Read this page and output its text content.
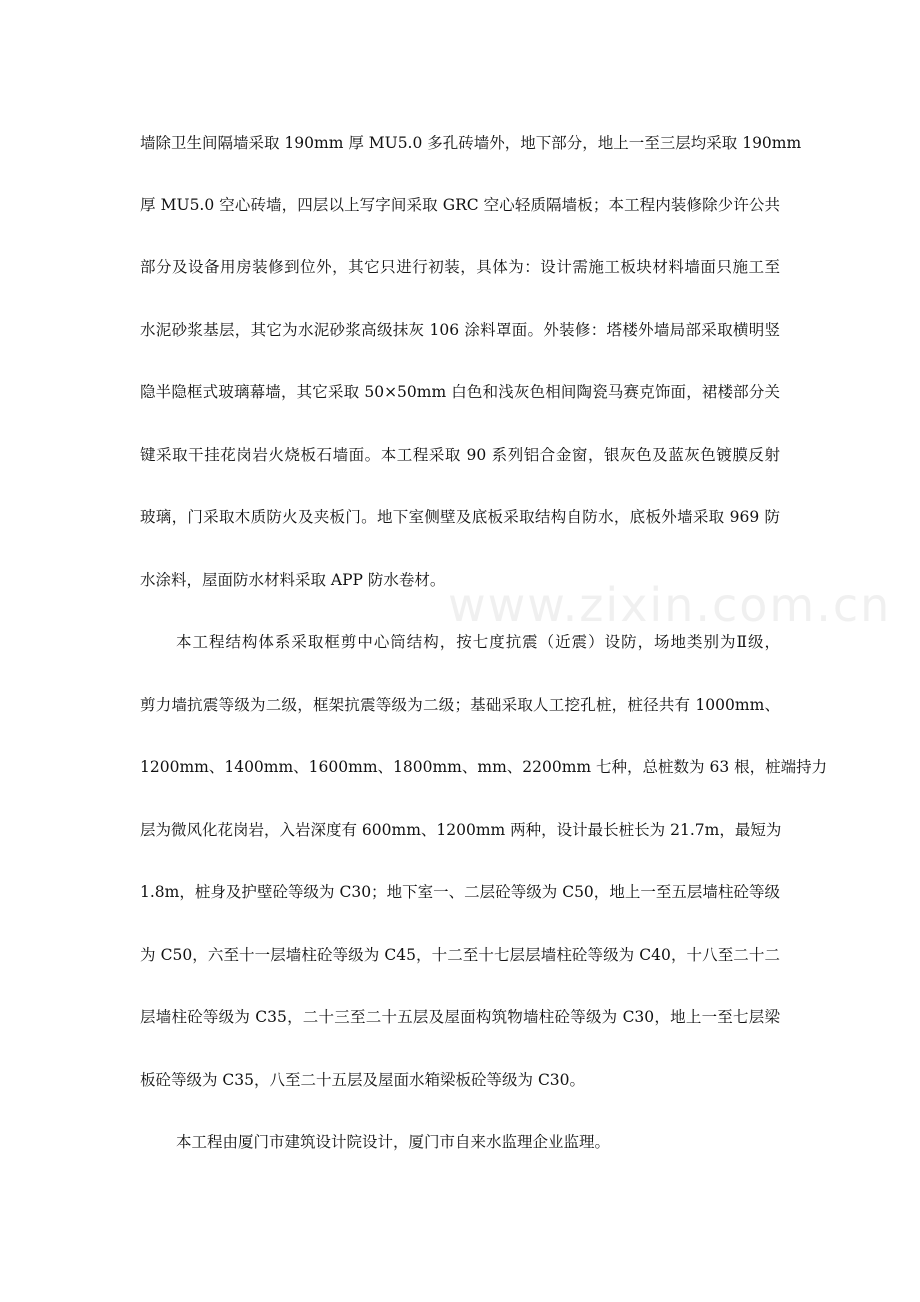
www.zixin.com.cn
墙除卫生间隔墙采取 190mm 厚 MU5.0 多孔砖墙外，地下部分，地上一至三层均采取 190mm
厚 MU5.0 空心砖墙，四层以上写字间采取 GRC 空心轻质隔墙板；本工程内装修除少许公共
部分及设备用房装修到位外，其它只进行初装，具体为：设计需施工板块材料墙面只施工至
水泥砂浆基层，其它为水泥砂浆高级抹灰 106 涂料罩面。外装修：塔楼外墙局部采取横明竖
隐半隐框式玻璃幕墙，其它采取 50×50mm 白色和浅灰色相间陶瓷马赛克饰面，裙楼部分关
键采取干挂花岗岩火烧板石墙面。本工程采取 90 系列铝合金窗，银灰色及蓝灰色镀膜反射
玻璃，门采取木质防火及夹板门。地下室侧壁及底板采取结构自防水，底板外墙采取 969 防
水涂料，屋面防水材料采取 APP 防水卷材。
本工程结构体系采取框剪中心筒结构，按七度抗震（近震）设防，场地类别为Ⅱ级，
剪力墙抗震等级为二级，框架抗震等级为二级；基础采取人工挖孔桩，桩径共有 1000mm、
1200mm、1400mm、1600mm、1800mm、mm、2200mm 七种，总桩数为 63 根，桩端持力
层为微风化花岗岩，入岩深度有 600mm、1200mm 两种，设计最长桩长为 21.7m，最短为
1.8m，桩身及护壁砼等级为 C30；地下室一、二层砼等级为 C50，地上一至五层墙柱砼等级
为 C50，六至十一层墙柱砼等级为 C45，十二至十七层层墙柱砼等级为 C40，十八至二十二
层墙柱砼等级为 C35，二十三至二十五层及屋面构筑物墙柱砼等级为 C30，地上一至七层梁
板砼等级为 C35，八至二十五层及屋面水箱梁板砼等级为 C30。
本工程由厦门市建筑设计院设计，厦门市自来水监理企业监理。
